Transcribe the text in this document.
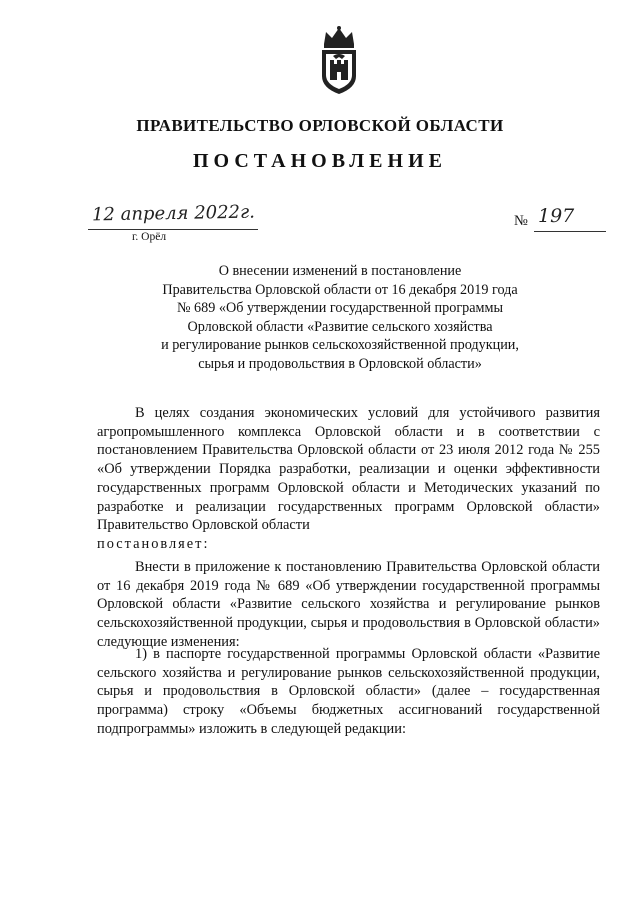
ПРАВИТЕЛЬСТВО ОРЛОВСКОЙ ОБЛАСТИ
ПОСТАНОВЛЕНИЕ
12 апреля 2022г.
г. Орёл
№ 197
О внесении изменений в постановление
Правительства Орловской области от 16 декабря 2019 года
№ 689 «Об утверждении государственной программы
Орловской области «Развитие сельского хозяйства
и регулирование рынков сельскохозяйственной продукции,
сырья и продовольствия в Орловской области»
В целях создания экономических условий для устойчивого развития агропромышленного комплекса Орловской области и в соответствии с постановлением Правительства Орловской области от 23 июля 2012 года № 255 «Об утверждении Порядка разработки, реализации и оценки эффективности государственных программ Орловской области и Методических указаний по разработке и реализации государственных программ Орловской области» Правительство Орловской области
постановляет:
Внести в приложение к постановлению Правительства Орловской области от 16 декабря 2019 года № 689 «Об утверждении государственной программы Орловской области «Развитие сельского хозяйства и регулирование рынков сельскохозяйственной продукции, сырья и продовольствия в Орловской области» следующие изменения:
1) в паспорте государственной программы Орловской области «Развитие сельского хозяйства и регулирование рынков сельскохозяйственной продукции, сырья и продовольствия в Орловской области» (далее – государственная программа) строку «Объемы бюджетных ассигнований государственной подпрограммы» изложить в следующей редакции:
